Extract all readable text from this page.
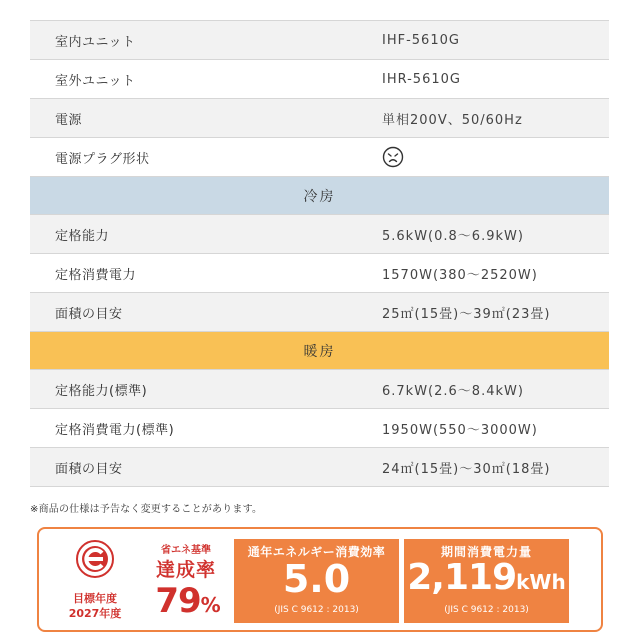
室内ユニット	IHF-5610G
室外ユニット	IHR-5610G
電源	単相200V、50/60Hz
電源プラグ形状
冷房
定格能力	5.6kW(0.8〜6.9kW)
定格消費電力	1570W(380〜2520W)
面積の目安	25㎡(15畳)〜39㎡(23畳)
暖房
定格能力(標準)	6.7kW(2.6〜8.4kW)
定格消費電力(標準)	1950W(550〜3000W)
面積の目安	24㎡(15畳)〜30㎡(18畳)
※商品の仕様は予告なく変更することがあります。
目標年度
2027年度
省エネ基準
達成率
79%
通年エネルギー消費効率
5.0
(JIS C 9612 : 2013)
期間消費電力量
2,119kWh
(JIS C 9612 : 2013)
